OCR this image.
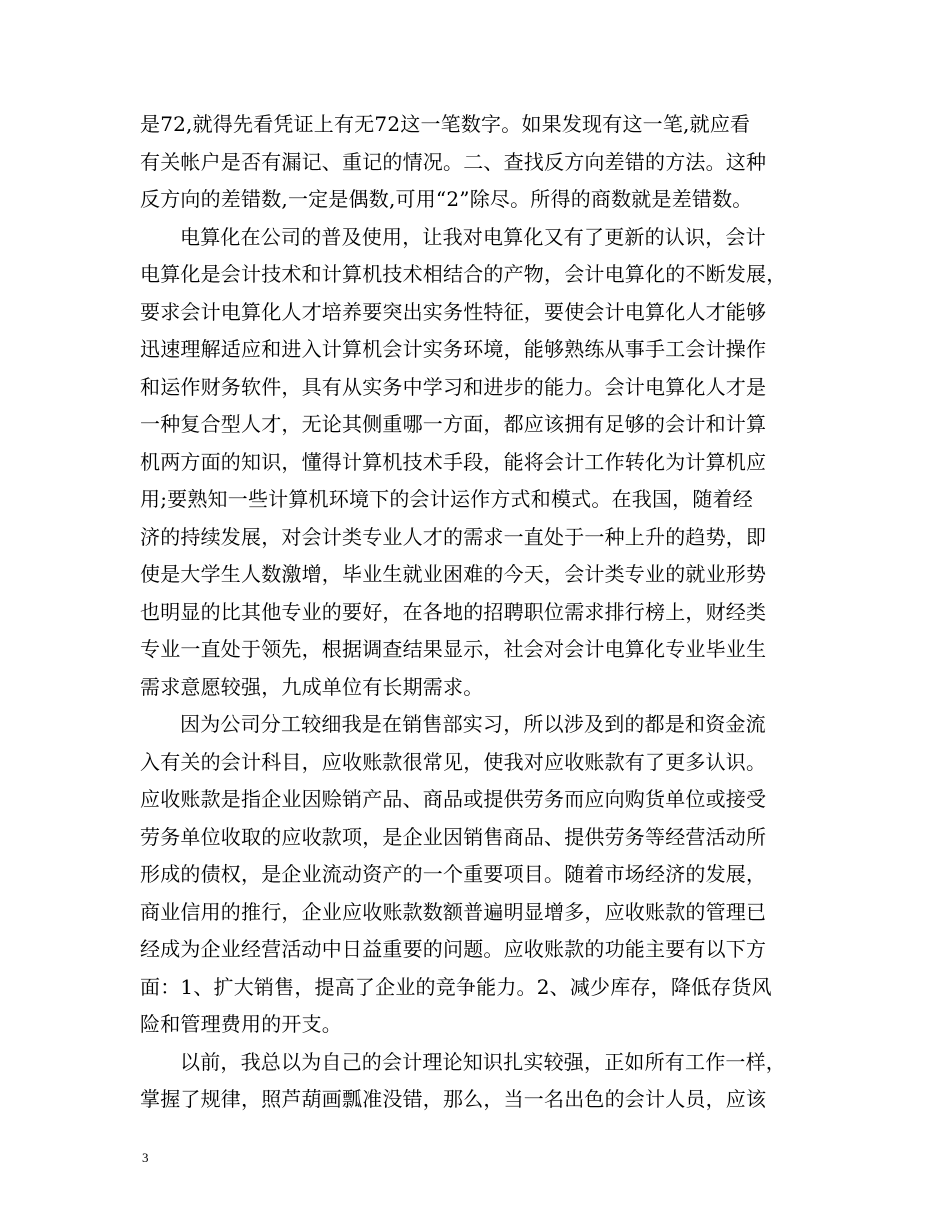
是72,就得先看凭证上有无72这一笔数字。如果发现有这一笔,就应看
有关帐户是否有漏记、重记的情况。二、查找反方向差错的方法。这种
反方向的差错数,一定是偶数,可用“2”除尽。所得的商数就是差错数。
电算化在公司的普及使用，让我对电算化又有了更新的认识，会计
电算化是会计技术和计算机技术相结合的产物，会计电算化的不断发展，
要求会计电算化人才培养要突出实务性特征，要使会计电算化人才能够
迅速理解适应和进入计算机会计实务环境，能够熟练从事手工会计操作
和运作财务软件，具有从实务中学习和进步的能力。会计电算化人才是
一种复合型人才，无论其侧重哪一方面，都应该拥有足够的会计和计算
机两方面的知识，懂得计算机技术手段，能将会计工作转化为计算机应
用;要熟知一些计算机环境下的会计运作方式和模式。在我国，随着经
济的持续发展，对会计类专业人才的需求一直处于一种上升的趋势，即
使是大学生人数激增，毕业生就业困难的今天，会计类专业的就业形势
也明显的比其他专业的要好，在各地的招聘职位需求排行榜上，财经类
专业一直处于领先，根据调查结果显示，社会对会计电算化专业毕业生
需求意愿较强，九成单位有长期需求。
因为公司分工较细我是在销售部实习，所以涉及到的都是和资金流
入有关的会计科目，应收账款很常见，使我对应收账款有了更多认识。
应收账款是指企业因赊销产品、商品或提供劳务而应向购货单位或接受
劳务单位收取的应收款项，是企业因销售商品、提供劳务等经营活动所
形成的债权，是企业流动资产的一个重要项目。随着市场经济的发展，
商业信用的推行，企业应收账款数额普遍明显增多，应收账款的管理已
经成为企业经营活动中日益重要的问题。应收账款的功能主要有以下方
面：1、扩大销售，提高了企业的竞争能力。2、减少库存，降低存货风
险和管理费用的开支。
以前，我总以为自己的会计理论知识扎实较强，正如所有工作一样，
掌握了规律，照芦葫画瓢准没错，那么，当一名出色的会计人员，应该
3
